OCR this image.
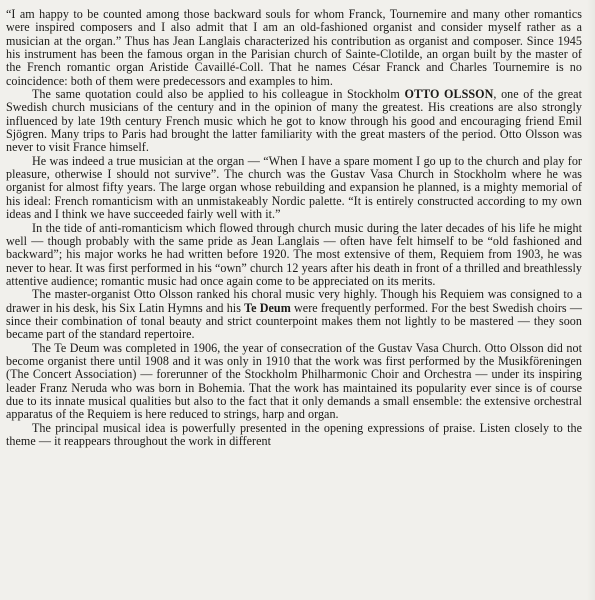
“I am happy to be counted among those backward souls for whom Franck, Tournemire and many other romantics were inspired composers and I also admit that I am an old-fashioned organist and consider myself rather as a musician at the organ.” Thus has Jean Langlais characterized his contribution as organist and composer. Since 1945 his instrument has been the famous organ in the Parisian church of Sainte-Clotilde, an organ built by the master of the French romantic organ Aristide Cavaillé-Coll. That he names César Franck and Charles Tournemire is no coincidence: both of them were predecessors and examples to him.

The same quotation could also be applied to his colleague in Stockholm OTTO OLSSON, one of the great Swedish church musicians of the century and in the opinion of many the greatest. His creations are also strongly influenced by late 19th century French music which he got to know through his good and encouraging friend Emil Sjögren. Many trips to Paris had brought the latter familiarity with the great masters of the period. Otto Olsson was never to visit France himself.

He was indeed a true musician at the organ — “When I have a spare moment I go up to the church and play for pleasure, otherwise I should not survive”. The church was the Gustav Vasa Church in Stockholm where he was organist for almost fifty years. The large organ whose rebuilding and expansion he planned, is a mighty memorial of his ideal: French romanticism with an unmistakeably Nordic palette. “It is entirely constructed according to my own ideas and I think we have succeeded fairly well with it.”

In the tide of anti-romanticism which flowed through church music during the later decades of his life he might well — though probably with the same pride as Jean Langlais — often have felt himself to be “old fashioned and backward”; his major works he had written before 1920. The most extensive of them, Requiem from 1903, he was never to hear. It was first performed in his “own” church 12 years after his death in front of a thrilled and breathlessly attentive audience; romantic music had once again come to be appreciated on its merits.

The master-organist Otto Olsson ranked his choral music very highly. Though his Requiem was consigned to a drawer in his desk, his Six Latin Hymns and his Te Deum were frequently performed. For the best Swedish choirs — since their combination of tonal beauty and strict counterpoint makes them not lightly to be mastered — they soon became part of the standard repertoire.

The Te Deum was completed in 1906, the year of consecration of the Gustav Vasa Church. Otto Olsson did not become organist there until 1908 and it was only in 1910 that the work was first performed by the Musikföreningen (The Concert Association) — forerunner of the Stockholm Philharmonic Choir and Orchestra — under its inspiring leader Franz Neruda who was born in Bohemia. That the work has maintained its popularity ever since is of course due to its innate musical qualities but also to the fact that it only demands a small ensemble: the extensive orchestral apparatus of the Requiem is here reduced to strings, harp and organ.

The principal musical idea is powerfully presented in the opening expressions of praise. Listen closely to the theme — it reappears throughout the work in different
